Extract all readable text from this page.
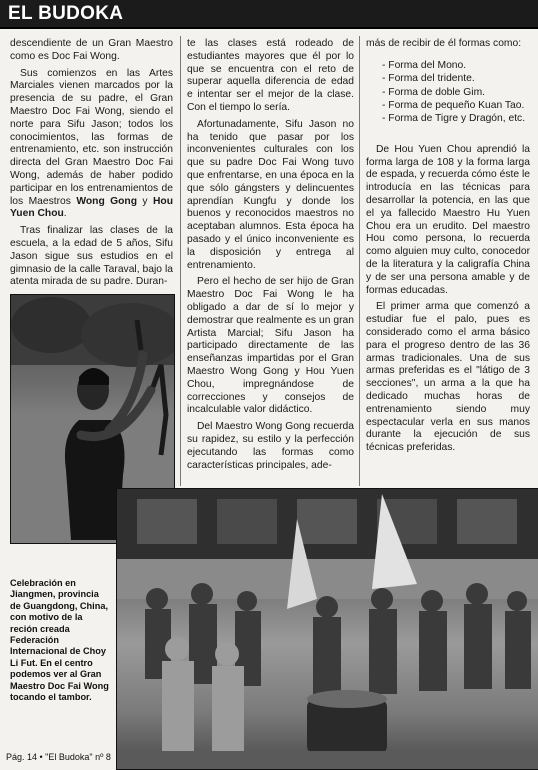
EL BUDOKA

descendiente de un Gran Maestro como es Doc Fai Wong.

Sus comienzos en las Artes Marciales vienen marcados por la presencia de su padre, el Gran Maestro Doc Fai Wong, siendo el norte para Sifu Jason; todos los conocimientos, las formas de entrenamiento, etc. son instrucción directa del Gran Maestro Doc Fai Wong, además de haber podido participar en los entrenamientos de los Maestros Wong Gong y Hou Yuen Chou.

Tras finalizar las clases de la escuela, a la edad de 5 años, Sifu Jason sigue sus estudios en el gimnasio de la calle Taraval, bajo la atenta mirada de su padre. Duran-

te las clases está rodeado de estudiantes mayores que él por lo que se encuentra con el reto de superar aquella diferencia de edad e intentar ser el mejor de la clase. Con el tiempo lo sería.

Afortunadamente, Sifu Jason no ha tenido que pasar por los inconvenientes culturales con los que su padre Doc Fai Wong tuvo que enfrentarse, en una época en la que sólo gángsters y delincuentes aprendían Kungfu y donde los buenos y reconocidos maestros no aceptaban alumnos. Esta época ha pasado y el único inconveniente es la disposición y entrega al entrenamiento.

Pero el hecho de ser hijo de Gran Maestro Doc Fai Wong le ha obligado a dar de sí lo mejor y demostrar que realmente es un gran Artista Marcial; Sifu Jason ha participado directamente de las enseñanzas impartidas por el Gran Maestro Wong Gong y Hou Yuen Chou, impregnándose de correcciones y consejos de incalculable valor didáctico.

Del Maestro Wong Gong recuerda su rapidez, su estilo y la perfección ejecutando las formas como características principales, ade-

más de recibir de él formas como:

- Forma del Mono.
- Forma del tridente.
- Forma de doble Gim.
- Forma de pequeño Kuan Tao.
- Forma de Tigre y Dragón, etc.

De Hou Yuen Chou aprendió la forma larga de 108 y la forma larga de espada, y recuerda cómo éste le introducía en las técnicas para desarrollar la potencia, en las que el ya fallecido Maestro Hu Yuen Chou era un erudito. Del maestro Hou como persona, lo recuerda como alguien muy culto, conocedor de la literatura y la caligrafía China y de ser una persona amable y de formas educadas.

El primer arma que comenzó a estudiar fue el palo, pues es considerado como el arma básico para el progreso dentro de las 36 armas tradicionales. Una de sus armas preferidas es el "látigo de 3 secciones", un arma a la que ha dedicado muchas horas de entrenamiento siendo muy espectacular verla en sus manos durante la ejecución de sus técnicas preferidas.

Celebración en Jiangmen, provincia de Guangdong, China, con motivo de la reción creada Federación Internacional de Choy Li Fut. En el centro podemos ver al Gran Maestro Doc Fai Wong tocando el tambor.
Pág. 14 • "El Budoka" nº 8
